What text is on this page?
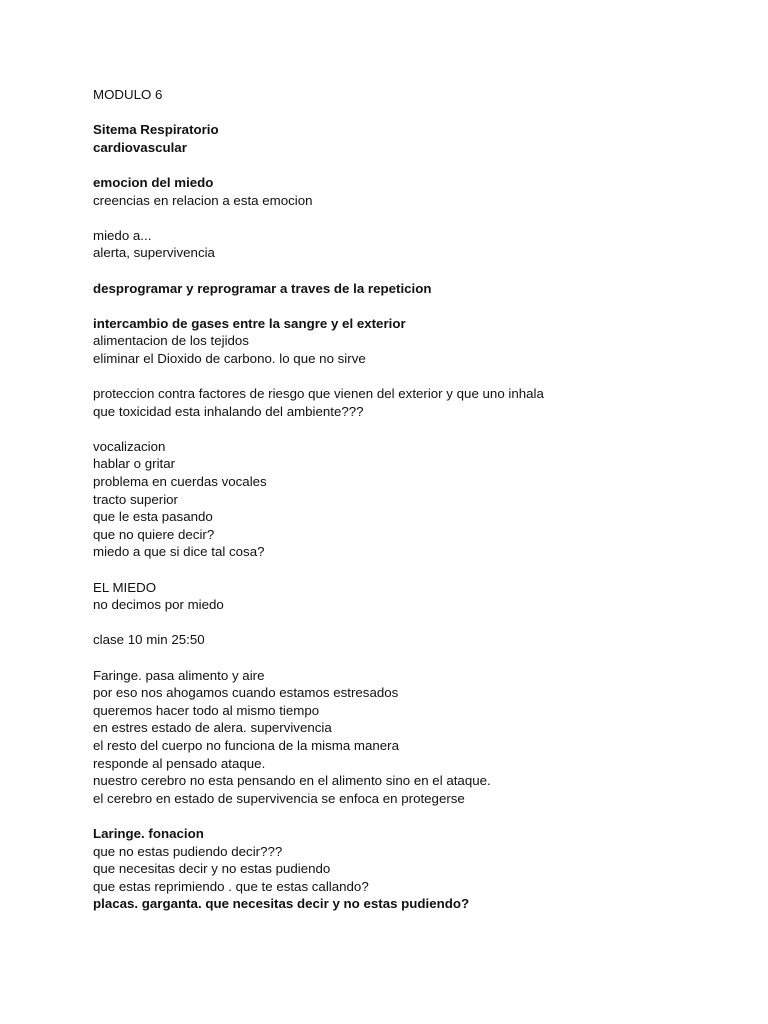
MODULO 6
Sitema Respiratorio
cardiovascular
emocion del miedo
creencias en relacion a esta emocion
miedo a...
alerta, supervivencia
desprogramar y reprogramar a traves de la repeticion
intercambio de gases entre la sangre y el exterior
alimentacion de los tejidos
eliminar el Dioxido de carbono. lo que no sirve
proteccion contra factores de riesgo que vienen del exterior y que uno inhala
que toxicidad esta inhalando del ambiente???
vocalizacion
hablar o gritar
problema en cuerdas vocales
tracto superior
que le esta pasando
que no quiere decir?
miedo a que si dice tal cosa?
EL MIEDO
no decimos por miedo
clase 10 min 25:50
Faringe. pasa alimento y aire
por eso nos ahogamos cuando estamos estresados
queremos hacer todo al mismo tiempo
en estres estado de alera. supervivencia
el resto del cuerpo no funciona de la misma manera
responde al pensado ataque.
nuestro cerebro no esta pensando en el alimento sino en el ataque.
el cerebro en estado de supervivencia se enfoca en protegerse
Laringe. fonacion
que no estas pudiendo decir???
que necesitas decir y no estas pudiendo
que estas reprimiendo . que te estas callando?
placas. garganta. que necesitas decir y no estas pudiendo?
